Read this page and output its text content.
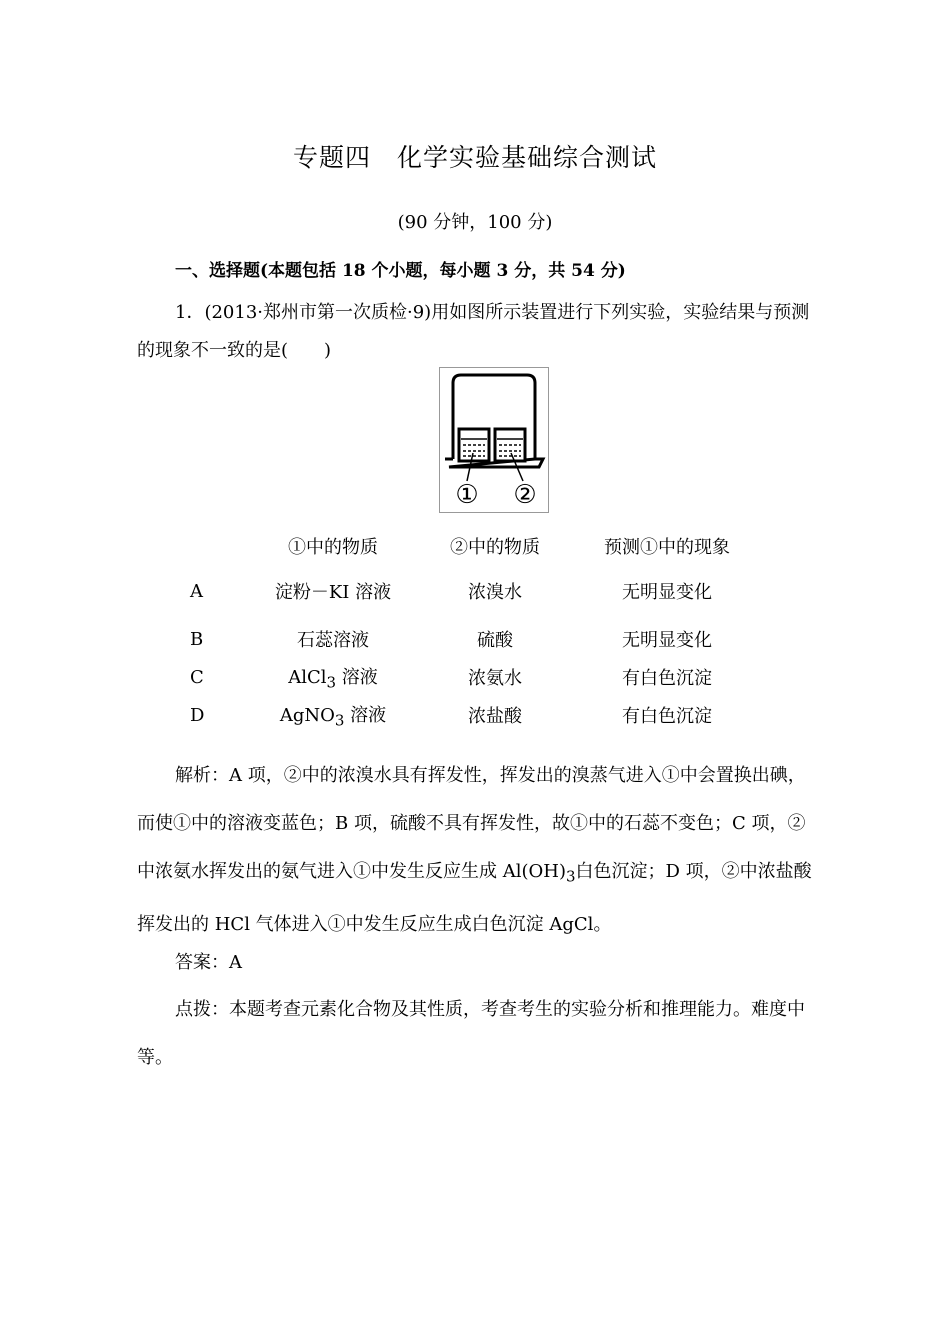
专题四　化学实验基础综合测试
(90 分钟，100 分)
一、选择题(本题包括 18 个小题，每小题 3 分，共 54 分)
1．(2013·郑州市第一次质检·9)用如图所示装置进行下列实验，实验结果与预测的现象不一致的是(　　)
① ②
	①中的物质	②中的物质	预测①中的现象

A	淀粉－KI 溶液	浓溴水	无明显变化

B	石蕊溶液	硫酸	无明显变化
C	AlCl$_3$ 溶液	浓氨水	有白色沉淀
D	AgNO$_3$ 溶液	浓盐酸	有白色沉淀
解析：A 项，②中的浓溴水具有挥发性，挥发出的溴蒸气进入①中会置换出碘，而使①中的溶液变蓝色；B 项，硫酸不具有挥发性，故①中的石蕊不变色；C 项，②中浓氨水挥发出的氨气进入①中发生反应生成 $Al(OH)_3$白色沉淀；D 项，②中浓盐酸挥发出的 HCl 气体进入①中发生反应生成白色沉淀 AgCl。
答案：A
点拨：本题考查元素化合物及其性质，考查考生的实验分析和推理能力。难度中等。
